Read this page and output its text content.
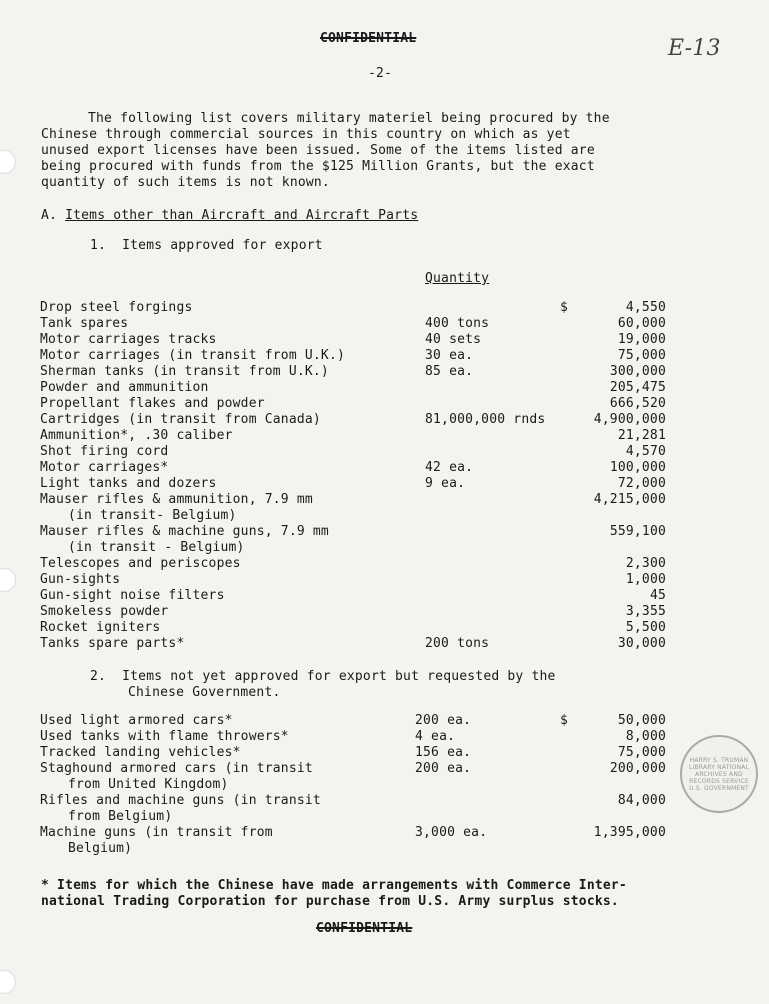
CONFIDENTIAL
-2-
E-13
The following list covers military materiel being procured by the
Chinese through commercial sources in this country on which as yet
unused export licenses have been issued. Some of the items listed are
being procured with funds from the $125 Million Grants, but the exact
quantity of such items is not known.
A. Items other than Aircraft and Aircraft Parts
1. Items approved for export
Quantity
Drop steel forgings	$	4,550
Tank spares	400 tons	60,000
Motor carriages tracks	40 sets	19,000
Motor carriages (in transit from U.K.)	30 ea.	75,000
Sherman tanks (in transit from U.K.)	85 ea.	300,000
Powder and ammunition	205,475
Propellant flakes and powder	666,520
Cartridges (in transit from Canada)	81,000,000 rnds	4,900,000
Ammunition*, .30 caliber	21,281
Shot firing cord	4,570
Motor carriages*	42 ea.	100,000
Light tanks and dozers	9 ea.	72,000
Mauser rifles & ammunition, 7.9 mm	4,215,000
(in transit- Belgium)
Mauser rifles & machine guns, 7.9 mm	559,100
(in transit - Belgium)
Telescopes and periscopes	2,300
Gun-sights	1,000
Gun-sight noise filters	45
Smokeless powder	3,355
Rocket igniters	5,500
Tanks spare parts*	200 tons	30,000
2. Items not yet approved for export but requested by the
Chinese Government.
Used light armored cars*	200 ea.	$	50,000
Used tanks with flame throwers*	4 ea.	8,000
Tracked landing vehicles*	156 ea.	75,000
Staghound armored cars (in transit	200 ea.	200,000
from United Kingdom)
Rifles and machine guns (in transit	84,000
from Belgium)
Machine guns (in transit from	3,000 ea.	1,395,000
Belgium)
* Items for which the Chinese have made arrangements with Commerce Inter-
national Trading Corporation for purchase from U.S. Army surplus stocks.
CONFIDENTIAL
HARRY S. TRUMAN LIBRARY NATIONAL ARCHIVES AND RECORDS SERVICE U.S. GOVERNMENT
